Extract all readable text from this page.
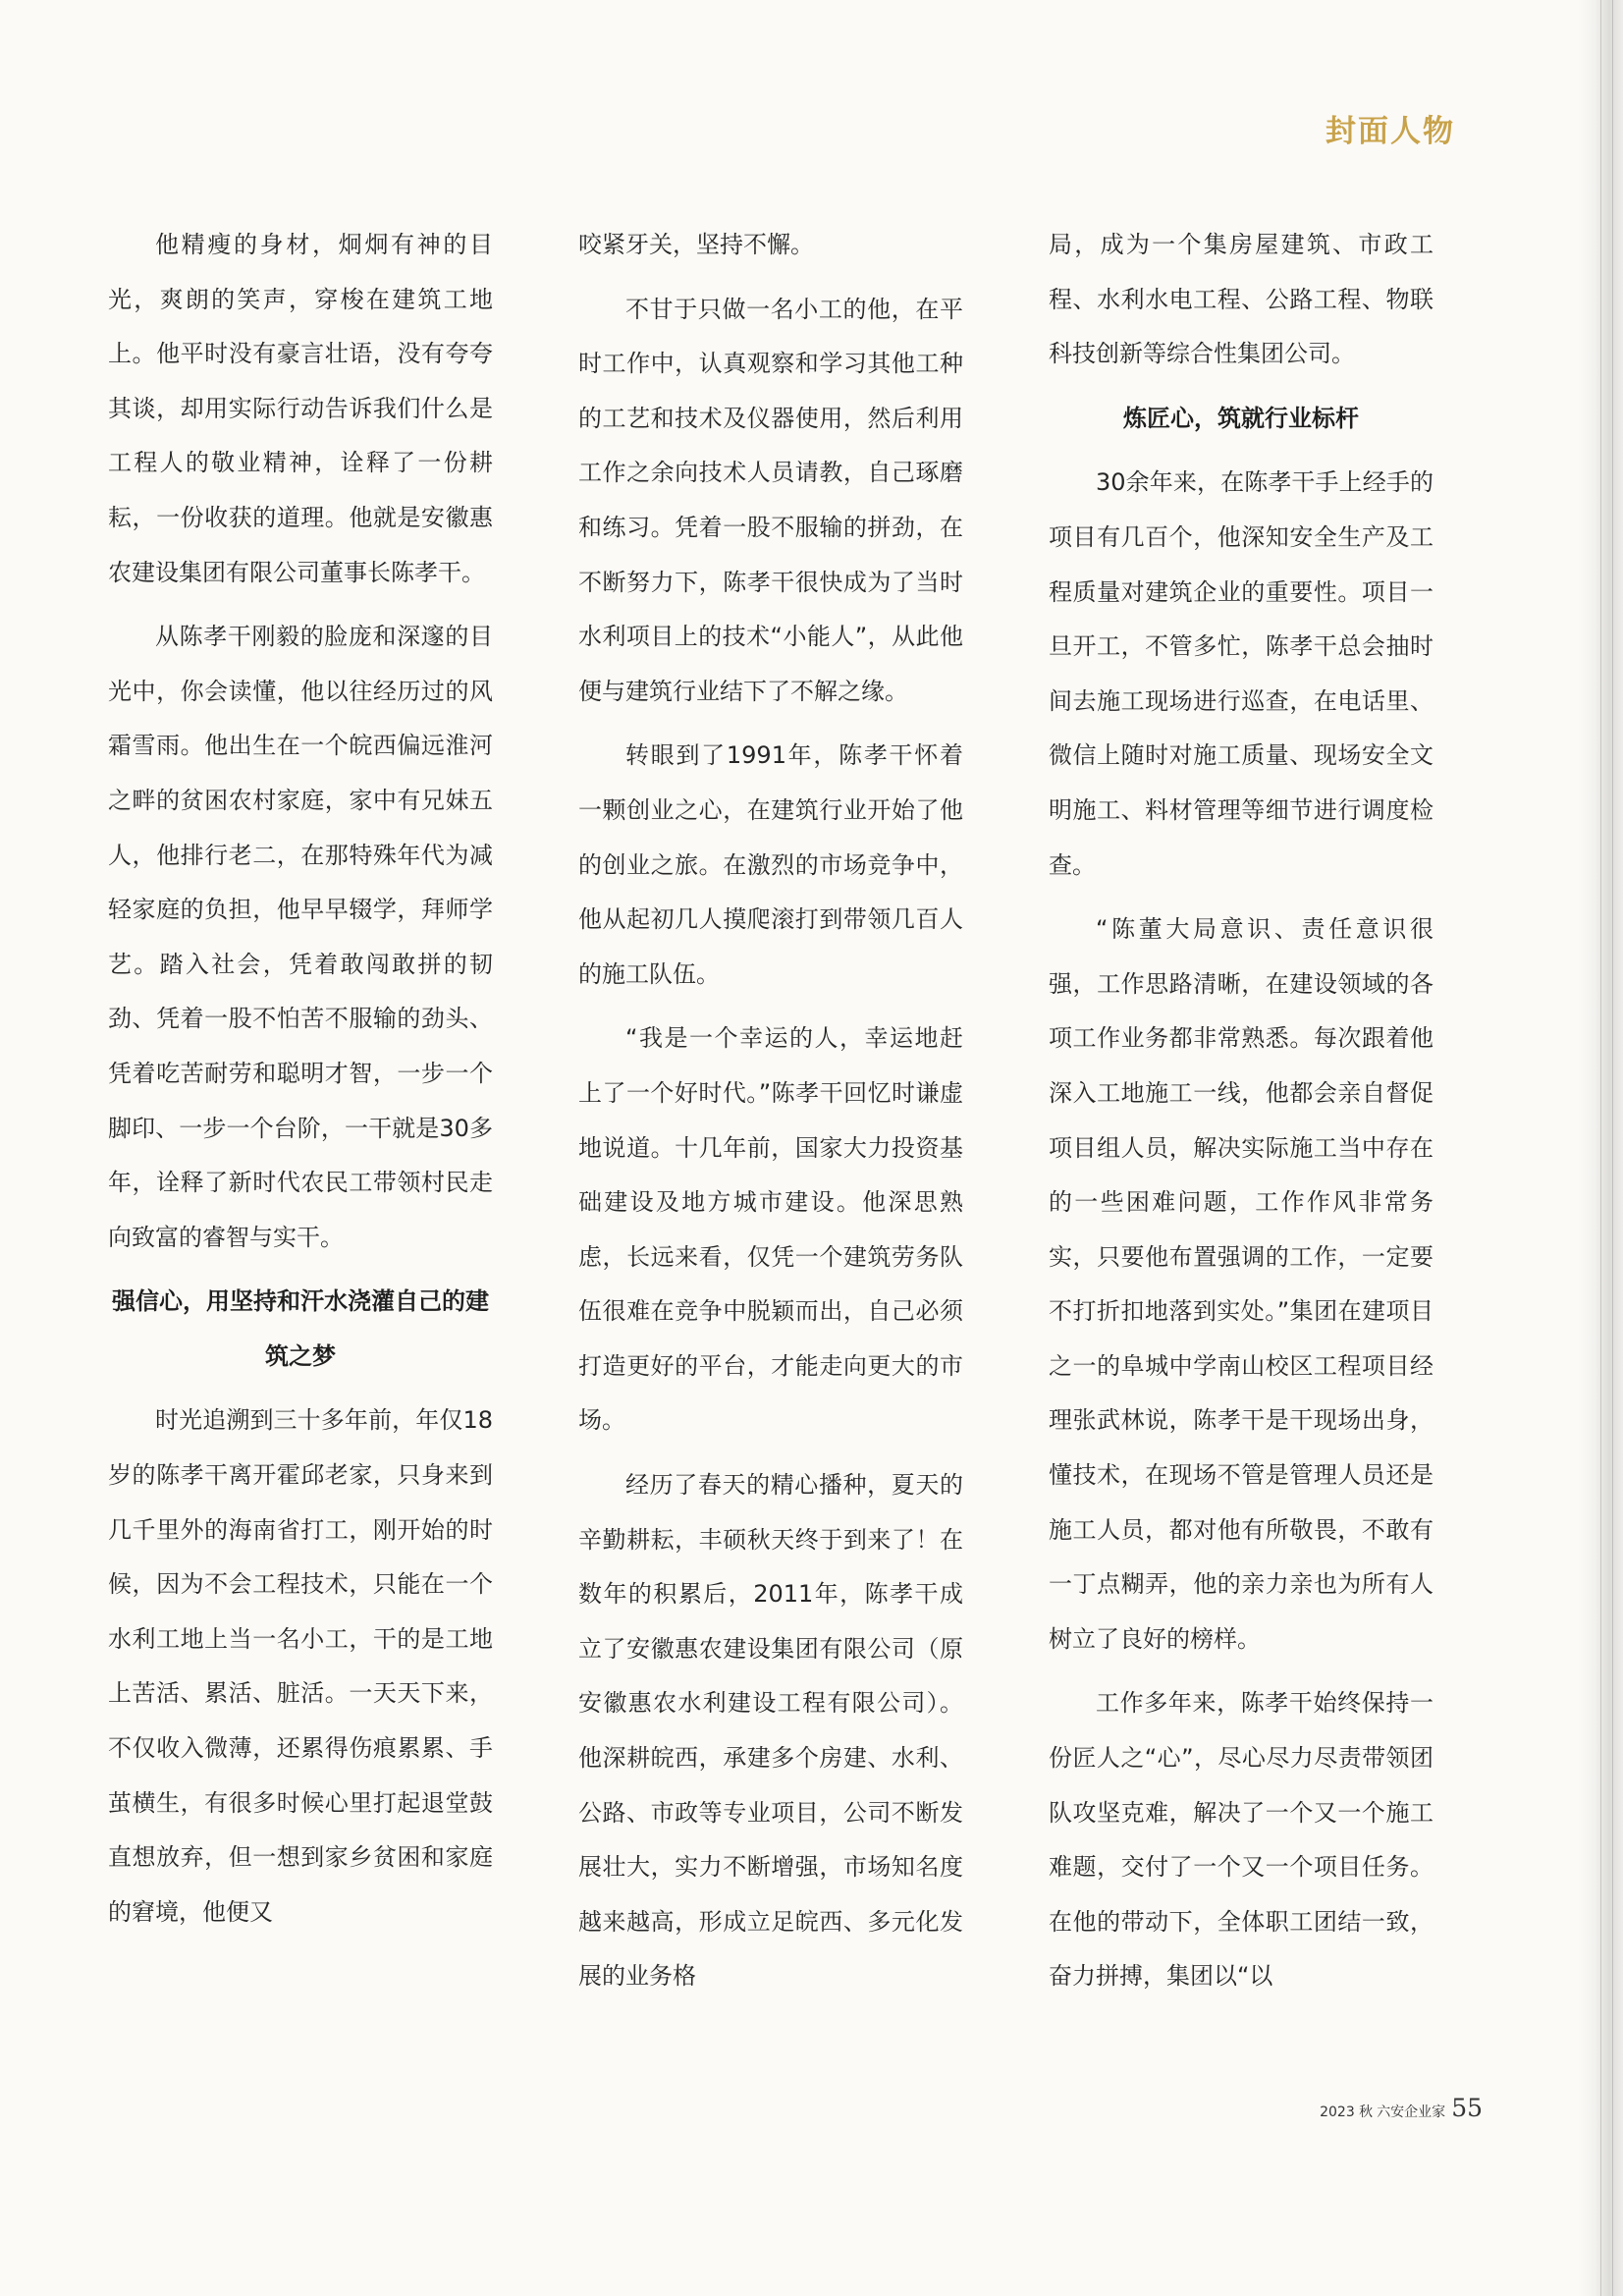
封面人物

他精瘦的身材，炯炯有神的目光，爽朗的笑声，穿梭在建筑工地上。他平时没有豪言壮语，没有夸夸其谈，却用实际行动告诉我们什么是工程人的敬业精神，诠释了一份耕耘，一份收获的道理。他就是安徽惠农建设集团有限公司董事长陈孝干。

从陈孝干刚毅的脸庞和深邃的目光中，你会读懂，他以往经历过的风霜雪雨。他出生在一个皖西偏远淮河之畔的贫困农村家庭，家中有兄妹五人，他排行老二，在那特殊年代为减轻家庭的负担，他早早辍学，拜师学艺。踏入社会，凭着敢闯敢拼的韧劲、凭着一股不怕苦不服输的劲头、凭着吃苦耐劳和聪明才智，一步一个脚印、一步一个台阶，一干就是30多年，诠释了新时代农民工带领村民走向致富的睿智与实干。

强信心，用坚持和汗水浇灌自己的建筑之梦

时光追溯到三十多年前，年仅18岁的陈孝干离开霍邱老家，只身来到几千里外的海南省打工，刚开始的时候，因为不会工程技术，只能在一个水利工地上当一名小工，干的是工地上苦活、累活、脏活。一天天下来，不仅收入微薄，还累得伤痕累累、手茧横生，有很多时候心里打起退堂鼓直想放弃，但一想到家乡贫困和家庭的窘境，他便又

咬紧牙关，坚持不懈。

不甘于只做一名小工的他，在平时工作中，认真观察和学习其他工种的工艺和技术及仪器使用，然后利用工作之余向技术人员请教，自己琢磨和练习。凭着一股不服输的拼劲，在不断努力下，陈孝干很快成为了当时水利项目上的技术“小能人”，从此他便与建筑行业结下了不解之缘。

转眼到了1991年，陈孝干怀着一颗创业之心，在建筑行业开始了他的创业之旅。在激烈的市场竞争中，他从起初几人摸爬滚打到带领几百人的施工队伍。

“我是一个幸运的人，幸运地赶上了一个好时代。”陈孝干回忆时谦虚地说道。十几年前，国家大力投资基础建设及地方城市建设。他深思熟虑，长远来看，仅凭一个建筑劳务队伍很难在竞争中脱颖而出，自己必须打造更好的平台，才能走向更大的市场。

经历了春天的精心播种，夏天的辛勤耕耘，丰硕秋天终于到来了！在数年的积累后，2011年，陈孝干成立了安徽惠农建设集团有限公司（原安徽惠农水利建设工程有限公司）。他深耕皖西，承建多个房建、水利、公路、市政等专业项目，公司不断发展壮大，实力不断增强，市场知名度越来越高，形成立足皖西、多元化发展的业务格

局，成为一个集房屋建筑、市政工程、水利水电工程、公路工程、物联科技创新等综合性集团公司。

炼匠心，筑就行业标杆

30余年来，在陈孝干手上经手的项目有几百个，他深知安全生产及工程质量对建筑企业的重要性。项目一旦开工，不管多忙，陈孝干总会抽时间去施工现场进行巡查，在电话里、微信上随时对施工质量、现场安全文明施工、料材管理等细节进行调度检查。

“陈董大局意识、责任意识很强，工作思路清晰，在建设领域的各项工作业务都非常熟悉。每次跟着他深入工地施工一线，他都会亲自督促项目组人员，解决实际施工当中存在的一些困难问题，工作作风非常务实，只要他布置强调的工作，一定要不打折扣地落到实处。”集团在建项目之一的阜城中学南山校区工程项目经理张武林说，陈孝干是干现场出身，懂技术，在现场不管是管理人员还是施工人员，都对他有所敬畏，不敢有一丁点糊弄，他的亲力亲也为所有人树立了良好的榜样。

工作多年来，陈孝干始终保持一份匠人之“心”，尽心尽力尽责带领团队攻坚克难，解决了一个又一个施工难题，交付了一个又一个项目任务。在他的带动下，全体职工团结一致，奋力拼搏，集团以“以

2023 秋 六安企业家 55
